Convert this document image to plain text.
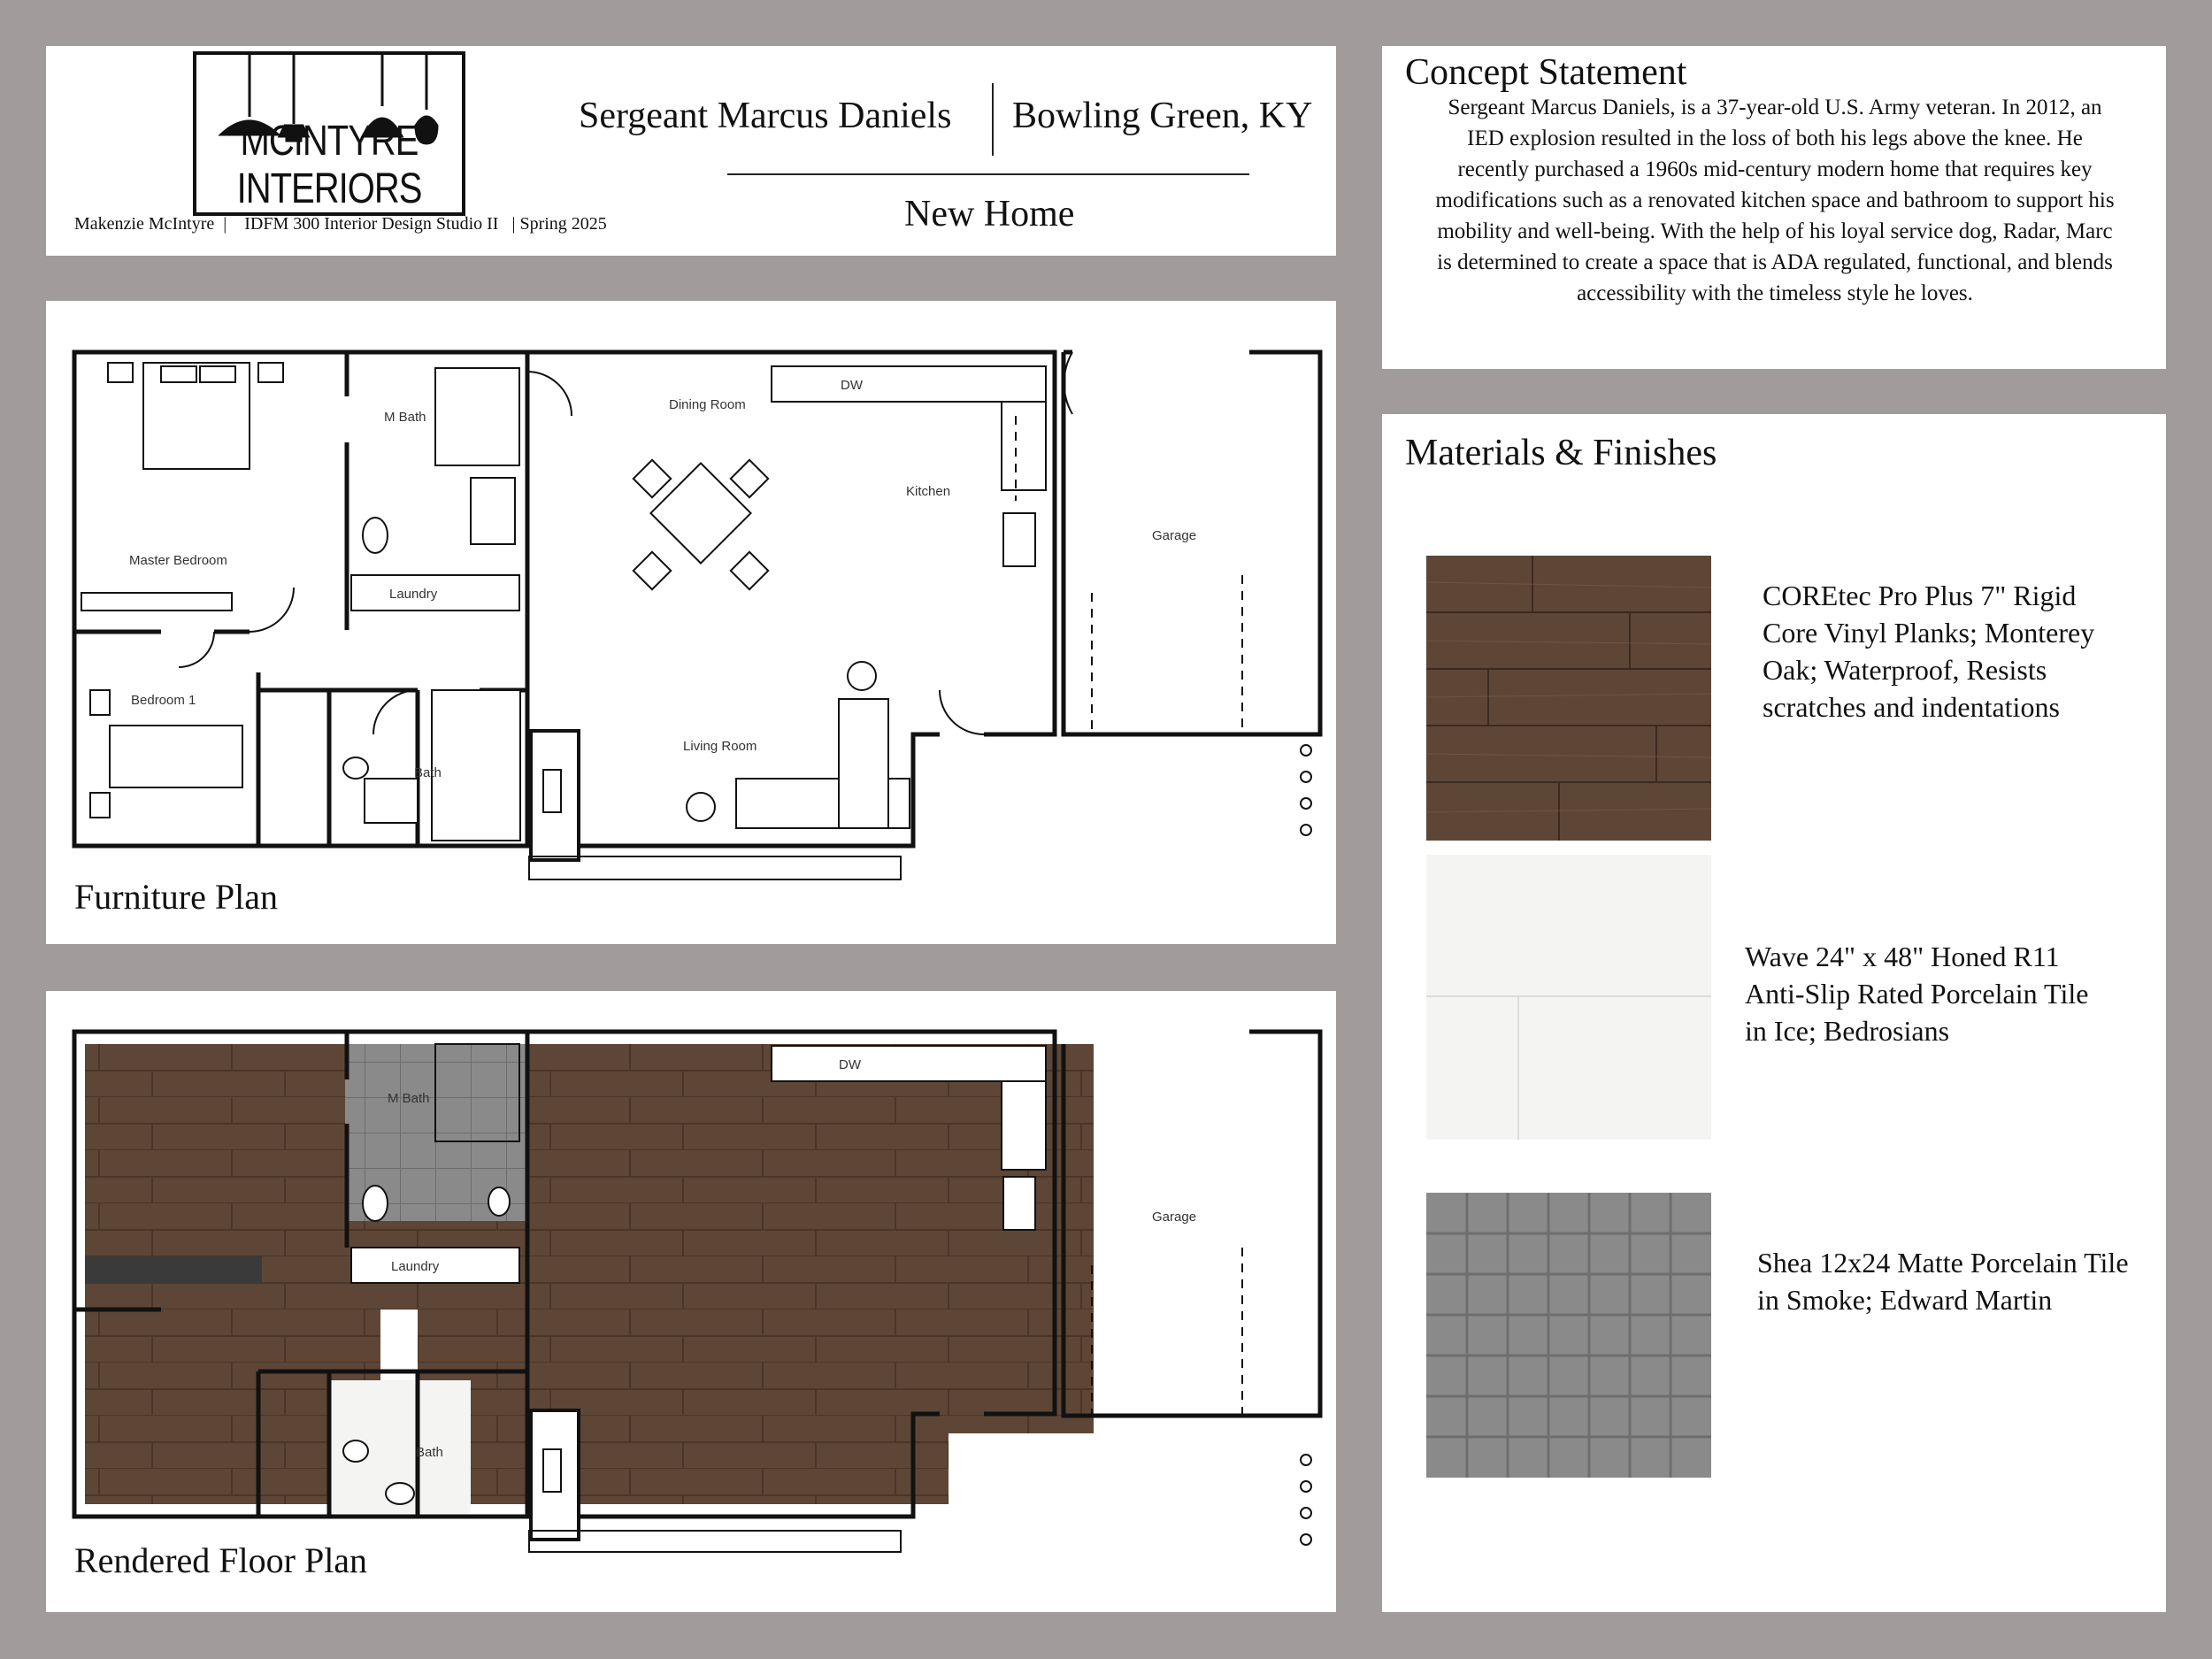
MCINTYRE INTERIORS
Makenzie McIntyre  |    IDFM 300 Interior Design Studio II   | Spring 2025
Sergeant Marcus Daniels Bowling Green, KY
New Home
Concept Statement
Sergeant Marcus Daniels, is a 37-year-old U.S. Army veteran. In 2012, an IED explosion resulted in the loss of both his legs above the knee. He recently purchased a 1960s mid-century modern home that requires key modifications such as a renovated kitchen space and bathroom to support his mobility and well-being. With the help of his loyal service dog, Radar, Marc is determined to create a space that is ADA regulated, functional, and blends accessibility with the timeless style he loves.
M Bath
Dining Room
Kitchen
Garage
Master Bedroom
Laundry
Bedroom 1
Bath
Living Room
DW
Furniture Plan
Materials & Finishes
COREtec Pro Plus 7" Rigid Core Vinyl Planks; Monterey Oak; Waterproof, Resists scratches and indentations
Wave 24" x 48" Honed R11 Anti-Slip Rated Porcelain Tile in Ice; Bedrosians
Shea 12x24 Matte Porcelain Tile in Smoke; Edward Martin
M Bath
Laundry
Garage
Bath
DW
Rendered Floor Plan
